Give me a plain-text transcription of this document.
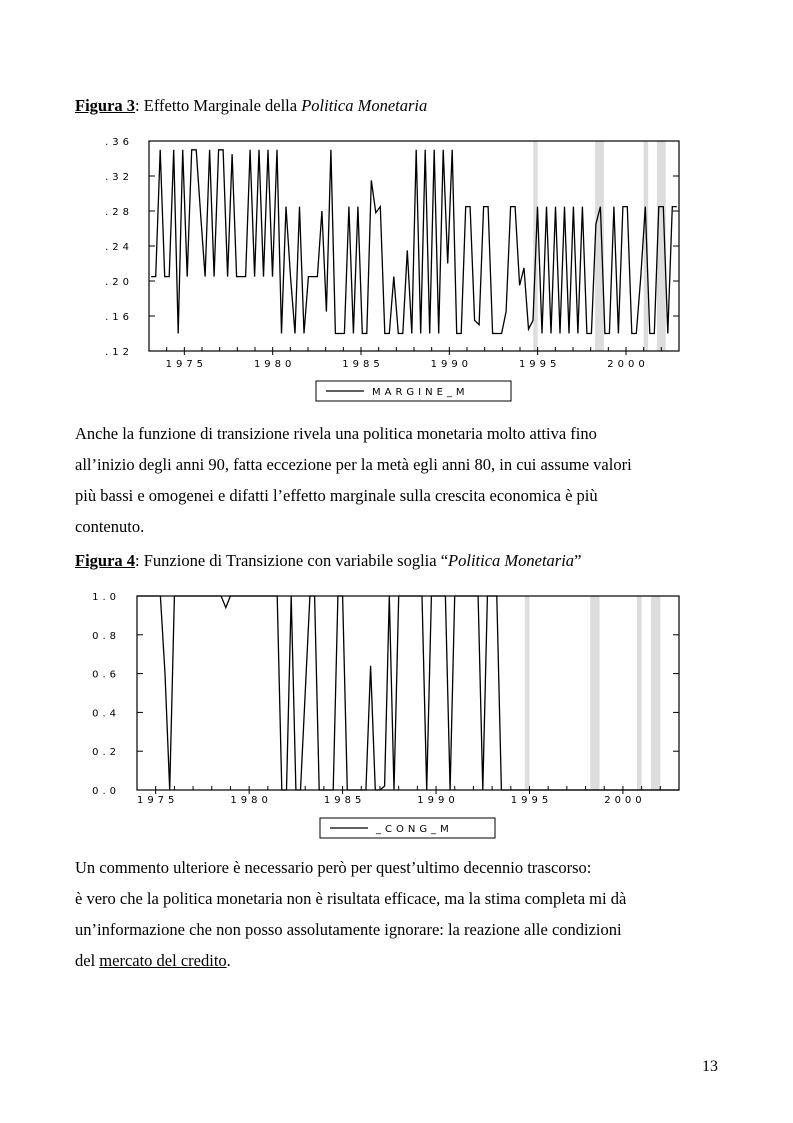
Figura 3: Effetto Marginale della Politica Monetaria
.36
.32
.28
.24
.20
.16
.12
1975	1980	1985	1990	1995	2000
MARGINE_M
Anche la funzione di transizione rivela una politica monetaria molto attiva fino
all’inizio degli anni 90, fatta eccezione per la metà egli anni 80, in cui assume valori
più bassi e omogenei e difatti l’effetto marginale sulla crescita economica è più
contenuto.
Figura 4: Funzione di Transizione con variabile soglia “Politica Monetaria”
1.0
0.8
0.6
0.4
0.2
0.0
1975	1980	1985	1990	1995	2000
_CONG_M
Un commento ulteriore è necessario però per quest’ultimo decennio trascorso:
è vero che la politica monetaria non è risultata efficace, ma la stima completa mi dà
un’informazione che non posso assolutamente ignorare: la reazione alle condizioni
del mercato del credito.
13
